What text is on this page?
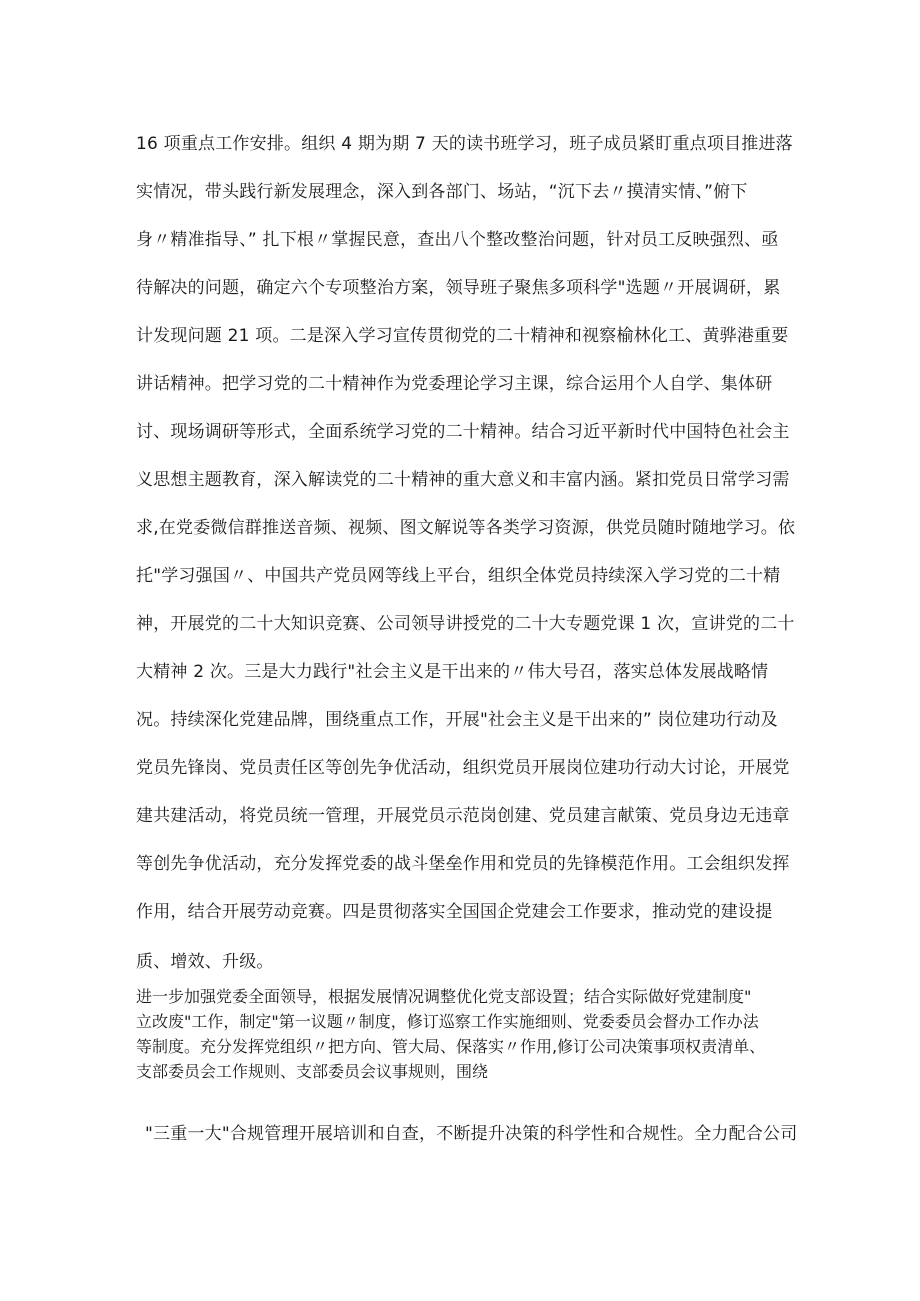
16 项重点工作安排。组织 4 期为期 7 天的读书班学习，班子成员紧盯重点项目推进落
实情况，带头践行新发展理念，深入到各部门、场站，“沉下去〃摸清实情、”俯下
身〃精准指导、” 扎下根〃掌握民意，查出八个整改整治问题，针对员工反映强烈、亟
待解决的问题，确定六个专项整治方案，领导班子聚焦多项科学"选题〃开展调研，累
计发现问题 21 项。二是深入学习宣传贯彻党的二十精神和视察榆林化工、黄骅港重要
讲话精神。把学习党的二十精神作为党委理论学习主课，综合运用个人自学、集体研
讨、现场调研等形式，全面系统学习党的二十精神。结合习近平新时代中国特色社会主
义思想主题教育，深入解读党的二十精神的重大意义和丰富内涵。紧扣党员日常学习需
求,在党委微信群推送音频、视频、图文解说等各类学习资源，供党员随时随地学习。依
托"学习强国〃、中国共产党员网等线上平台，组织全体党员持续深入学习党的二十精
神，开展党的二十大知识竞赛、公司领导讲授党的二十大专题党课 1 次，宣讲党的二十
大精神 2 次。三是大力践行"社会主义是干出来的〃伟大号召，落实总体发展战略情
况。持续深化党建品牌，围绕重点工作，开展"社会主义是干出来的” 岗位建功行动及
党员先锋岗、党员责任区等创先争优活动，组织党员开展岗位建功行动大讨论，开展党
建共建活动，将党员统一管理，开展党员示范岗创建、党员建言献策、党员身边无违章
等创先争优活动，充分发挥党委的战斗堡垒作用和党员的先锋模范作用。工会组织发挥
作用，结合开展劳动竞赛。四是贯彻落实全国国企党建会工作要求，推动党的建设提
质、增效、升级。
进一步加强党委全面领导，根据发展情况调整优化党支部设置；结合实际做好党建制度"
立改废"工作，制定"第一议题〃制度，修订巡察工作实施细则、党委委员会督办工作办法
等制度。充分发挥党组织〃把方向、管大局、保落实〃作用,修订公司决策事项权责清单、
支部委员会工作规则、支部委员会议事规则，围绕
"三重一大"合规管理开展培训和自查，不断提升决策的科学性和合规性。全力配合公司
